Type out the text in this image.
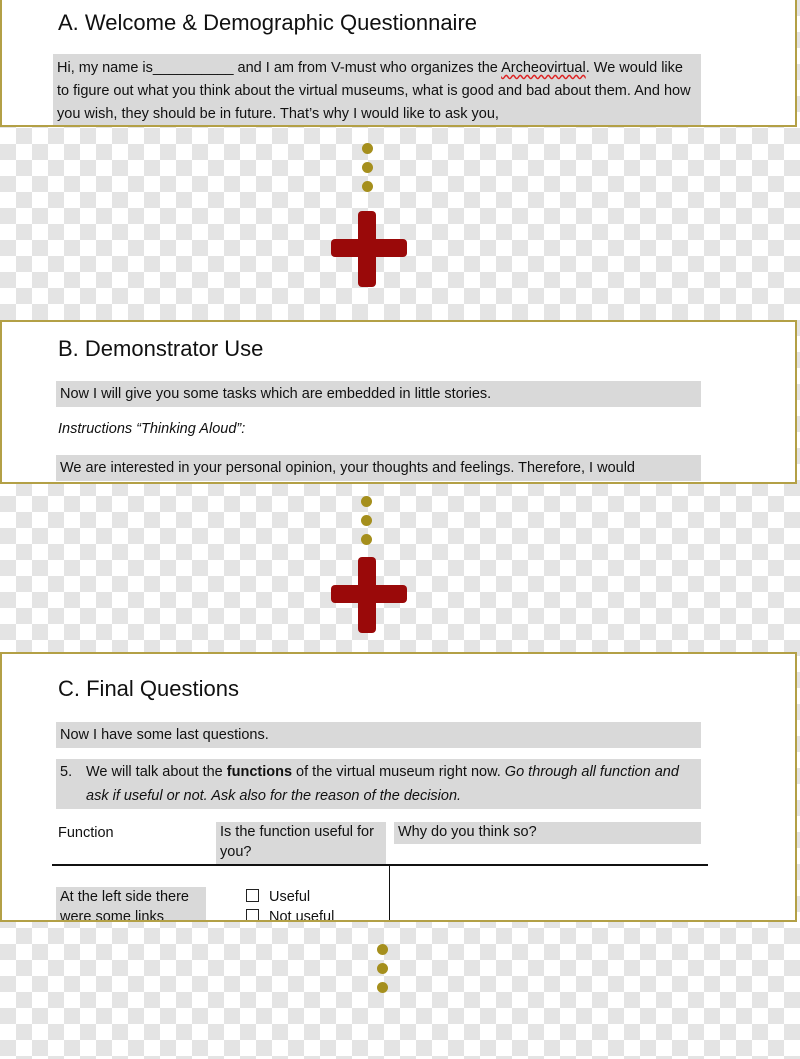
A. Welcome & Demographic Questionnaire
Hi, my name is__________ and I am from V-must who organizes the Archeovirtual. We would like to figure out what you think about the virtual museums, what is good and bad about them. And how you wish, they should be in future. That’s why I would like to ask you,
B. Demonstrator Use
Now I will give you some tasks which are embedded in little stories.
Instructions “Thinking Aloud”:
We are interested in your personal opinion, your thoughts and feelings. Therefore, I would
C. Final Questions
Now I have some last questions.
5. We will talk about the functions of the virtual museum right now. Go through all function and ask if useful or not. Ask also for the reason of the decision.
Function	Is the function useful for you?
Why do you think so?
At the left side there were some links
Useful
Not useful
